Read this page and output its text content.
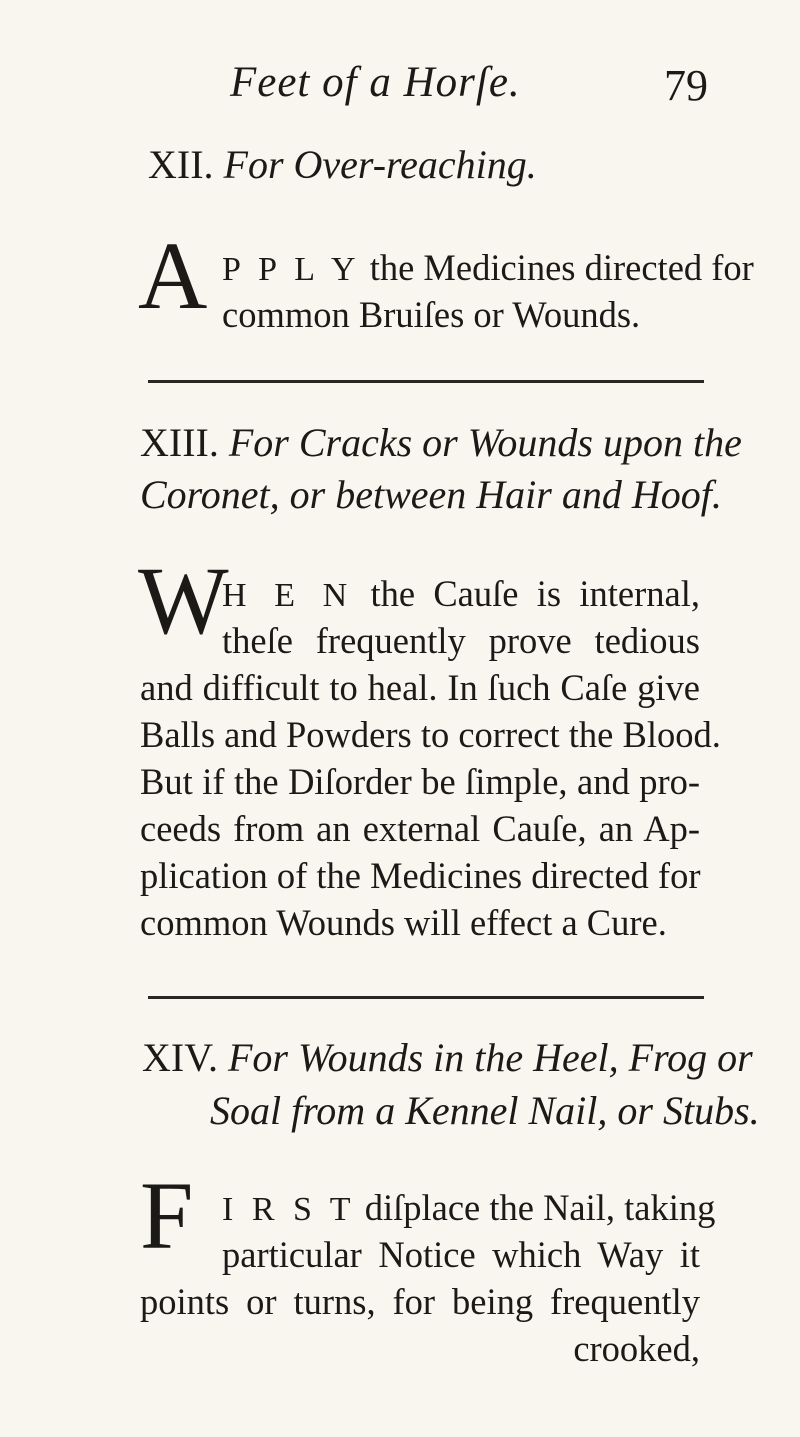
Feet of a Horſe.	79
XII. For Over-reaching.
A P P L Y the Medicines directed for
common Bruiſes or Wounds.
XIII. For Cracks or Wounds upon the
Coronet, or between Hair and Hoof.
W
H E N the Cauſe is internal,
theſe frequently prove tedious
and difficult to heal. In ſuch Caſe give
Balls and Powders to correct the Blood.
But if the Diſorder be ſimple, and pro-
ceeds from an external Cauſe, an Ap-
plication of the Medicines directed for
common Wounds will effect a Cure.
XIV. For Wounds in the Heel, Frog or
Soal from a Kennel Nail, or Stubs.
F I R S T diſplace the Nail, taking
particular Notice which Way it
points or turns, for being frequently
crooked,
